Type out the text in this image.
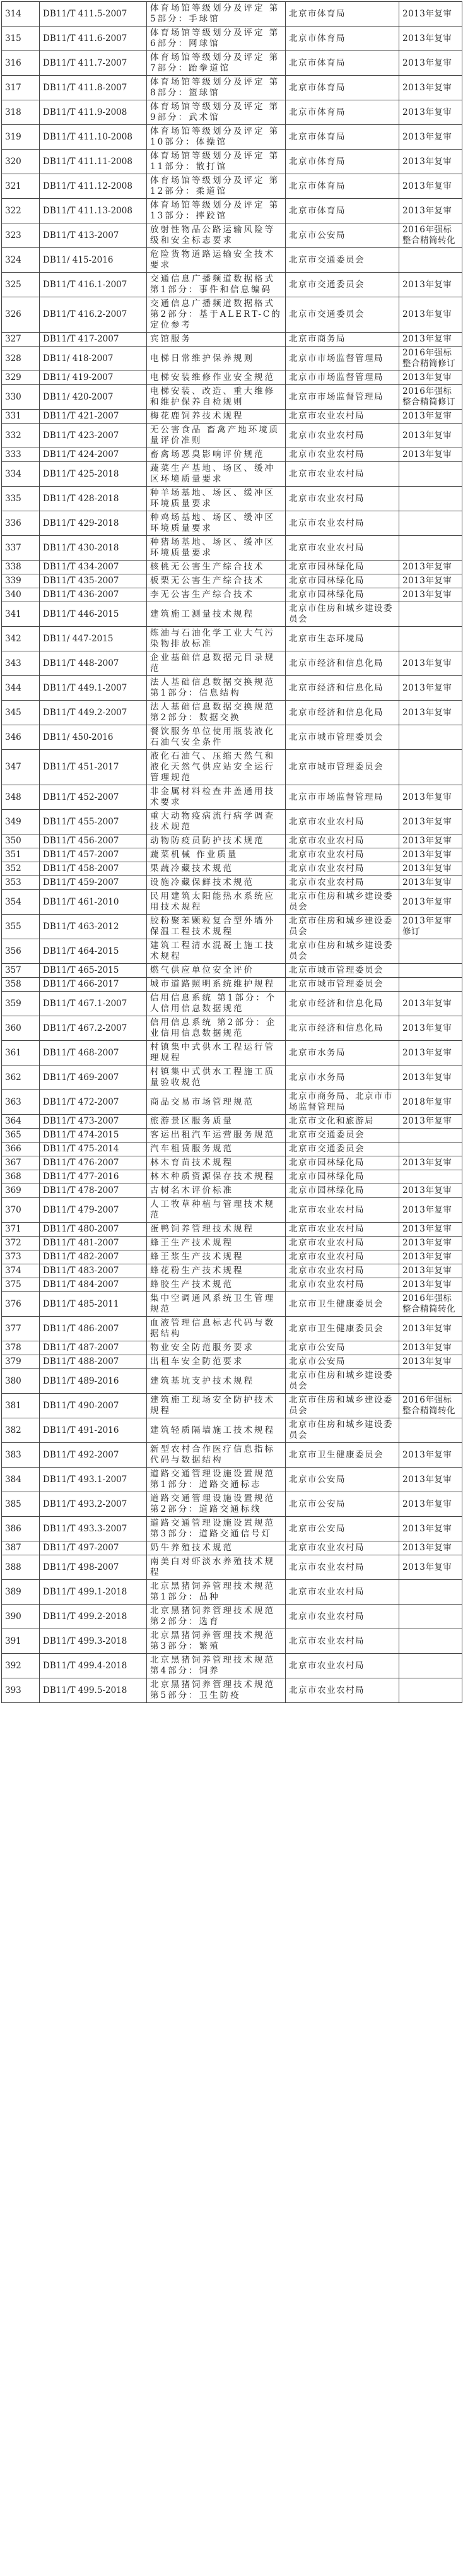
314	DB11/T 411.5-2007	体育场馆等级划分及评定 第5部分：手球馆	北京市体育局	2013年复审
315	DB11/T 411.6-2007	体育场馆等级划分及评定 第6部分：网球馆	北京市体育局	2013年复审
316	DB11/T 411.7-2007	体育场馆等级划分及评定 第7部分：跆拳道馆	北京市体育局	2013年复审
317	DB11/T 411.8-2007	体育场馆等级划分及评定 第8部分：篮球馆	北京市体育局	2013年复审
318	DB11/T 411.9-2008	体育场馆等级划分及评定 第9部分：武术馆	北京市体育局	2013年复审
319	DB11/T 411.10-2008	体育场馆等级划分及评定 第10部分：体操馆	北京市体育局	2013年复审
320	DB11/T 411.11-2008	体育场馆等级划分及评定 第11部分：散打馆	北京市体育局	2013年复审
321	DB11/T 411.12-2008	体育场馆等级划分及评定 第12部分：柔道馆	北京市体育局	2013年复审
322	DB11/T 411.13-2008	体育场馆等级划分及评定 第13部分：摔跤馆	北京市体育局	2013年复审
323	DB11/T 413-2007	放射性物品公路运输风险等级和安全标志要求	北京市公安局	2016年强标整合精简转化
324	DB11/ 415-2016	危险货物道路运输安全技术要求	北京市交通委员会	
325	DB11/T 416.1-2007	交通信息广播频道数据格式 第1部分：事件和信息编码	北京市交通委员会	2013年复审
326	DB11/T 416.2-2007	交通信息广播频道数据格式 第2部分：基于ALERT-C的定位参考	北京市交通委员会	2013年复审
327	DB11/T 417-2007	宾馆服务	北京市商务局	2013年复审
328	DB11/ 418-2007	电梯日常维护保养规则	北京市市场监督管理局	2016年强标整合精简修订
329	DB11/ 419-2007	电梯安装维修作业安全规范	北京市市场监督管理局	2013年复审
330	DB11/ 420-2007	电梯安装、改造、重大维修和维护保养自检规则	北京市市场监督管理局	2016年强标整合精简修订
331	DB11/T 421-2007	梅花鹿饲养技术规程	北京市农业农村局	2013年复审
332	DB11/T 423-2007	无公害食品 畜禽产地环境质量评价准则	北京市农业农村局	2013年复审
333	DB11/T 424-2007	畜禽场恶臭影响评价规范	北京市农业农村局	2013年复审
334	DB11/T 425-2018	蔬菜生产基地、场区、缓冲区环境质量要求	北京市农业农村局	
335	DB11/T 428-2018	种羊场基地、场区、缓冲区环境质量要求	北京市农业农村局	
336	DB11/T 429-2018	种鸡场基地、场区、缓冲区环境质量要求	北京市农业农村局	
337	DB11/T 430-2018	种猪场基地、场区、缓冲区环境质量要求	北京市农业农村局	
338	DB11/T 434-2007	核桃无公害生产综合技术	北京市园林绿化局	2013年复审
339	DB11/T 435-2007	板栗无公害生产综合技术	北京市园林绿化局	2013年复审
340	DB11/T 436-2007	李无公害生产综合技术	北京市园林绿化局	2013年复审
341	DB11/T 446-2015	建筑施工测量技术规程	北京市住房和城乡建设委员会	
342	DB11/ 447-2015	炼油与石油化学工业大气污染物排放标准	北京市生态环境局	
343	DB11/T 448-2007	企业基础信息数据元目录规范	北京市经济和信息化局	2013年复审
344	DB11/T 449.1-2007	法人基础信息数据交换规范 第1部分：信息结构	北京市经济和信息化局	2013年复审
345	DB11/T 449.2-2007	法人基础信息数据交换规范 第2部分：数据交换	北京市经济和信息化局	2013年复审
346	DB11/ 450-2016	餐饮服务单位使用瓶装液化石油气安全条件	北京市城市管理委员会	
347	DB11/T 451-2017	液化石油气、压缩天然气和液化天然气供应站安全运行管理规范	北京市城市管理委员会	
348	DB11/T 452-2007	非金属材料检查井盖通用技术要求	北京市市场监督管理局	2013年复审
349	DB11/T 455-2007	重大动物疫病流行病学调查技术规范	北京市农业农村局	2013年复审
350	DB11/T 456-2007	动物防疫员防护技术规范	北京市农业农村局	2013年复审
351	DB11/T 457-2007	蔬菜机械 作业质量	北京市农业农村局	2013年复审
352	DB11/T 458-2007	果蔬冷藏技术规范	北京市农业农村局	2013年复审
353	DB11/T 459-2007	设施冷藏保鲜技术规范	北京市农业农村局	2013年复审
354	DB11/T 461-2010	民用建筑太阳能热水系统应用技术规程	北京市住房和城乡建设委员会	2013年复审
355	DB11/T 463-2012	胶粉聚苯颗粒复合型外墙外保温工程技术规程	北京市住房和城乡建设委员会	2013年复审修订
356	DB11/T 464-2015	建筑工程清水混凝土施工技术规程	北京市住房和城乡建设委员会	
357	DB11/T 465-2015	燃气供应单位安全评价	北京市城市管理委员会	
358	DB11/T 466-2017	城市道路照明系统维护规程	北京市城市管理委员会	
359	DB11/T 467.1-2007	信用信息系统 第1部分：个人信用信息数据规范	北京市经济和信息化局	2013年复审
360	DB11/T 467.2-2007	信用信息系统 第2部分：企业信用信息数据规范	北京市经济和信息化局	2013年复审
361	DB11/T 468-2007	村镇集中式供水工程运行管理规程	北京市水务局	2013年复审
362	DB11/T 469-2007	村镇集中式供水工程施工质量验收规范	北京市水务局	2013年复审
363	DB11/T 472-2007	商品交易市场管理规范	北京市商务局、北京市市场监督管理局	2018年复审
364	DB11/T 473-2007	旅游景区服务质量	北京市文化和旅游局	2013年复审
365	DB11/T 474-2015	客运出租汽车运营服务规范	北京市交通委员会	
366	DB11/T 475-2014	汽车租赁服务规范	北京市交通委员会	
367	DB11/T 476-2007	林木育苗技术规程	北京市园林绿化局	2013年复审
368	DB11/T 477-2016	林木种质资源保存技术规程	北京市园林绿化局	
369	DB11/T 478-2007	古树名木评价标准	北京市园林绿化局	2013年复审
370	DB11/T 479-2007	人工牧草种植与管理技术规范	北京市农业农村局	2013年复审
371	DB11/T 480-2007	蛋鸭饲养管理技术规程	北京市农业农村局	2013年复审
372	DB11/T 481-2007	蜂王生产技术规程	北京市农业农村局	2013年复审
373	DB11/T 482-2007	蜂王浆生产技术规程	北京市农业农村局	2013年复审
374	DB11/T 483-2007	蜂花粉生产技术规程	北京市农业农村局	2013年复审
375	DB11/T 484-2007	蜂胶生产技术规范	北京市农业农村局	2013年复审
376	DB11/T 485-2011	集中空调通风系统卫生管理规范	北京市卫生健康委员会	2016年强标整合精简转化
377	DB11/T 486-2007	血液管理信息标志代码与数据结构	北京市卫生健康委员会	2013年复审
378	DB11/T 487-2007	物业安全防范服务要求	北京市公安局	2013年复审
379	DB11/T 488-2007	出租车安全防范要求	北京市公安局	2013年复审
380	DB11/T 489-2016	建筑基坑支护技术规程	北京市住房和城乡建设委员会	
381	DB11/T 490-2007	建筑施工现场安全防护技术规程	北京市住房和城乡建设委员会	2016年强标整合精简转化
382	DB11/T 491-2016	建筑轻质隔墙施工技术规程	北京市住房和城乡建设委员会	
383	DB11/T 492-2007	新型农村合作医疗信息指标代码与数据结构	北京市卫生健康委员会	2013年复审
384	DB11/T 493.1-2007	道路交通管理设施设置规范 第1部分：道路交通标志	北京市公安局	2013年复审
385	DB11/T 493.2-2007	道路交通管理设施设置规范 第2部分：道路交通标线	北京市公安局	2013年复审
386	DB11/T 493.3-2007	道路交通管理设施设置规范 第3部分：道路交通信号灯	北京市公安局	2013年复审
387	DB11/T 497-2007	奶牛养殖技术规范	北京市农业农村局	2013年复审
388	DB11/T 498-2007	南美白对虾淡水养殖技术规程	北京市农业农村局	2013年复审
389	DB11/T 499.1-2018	北京黑猪饲养管理技术规范 第1部分：品种	北京市农业农村局	
390	DB11/T 499.2-2018	北京黑猪饲养管理技术规范 第2部分：选育	北京市农业农村局	
391	DB11/T 499.3-2018	北京黑猪饲养管理技术规范 第3部分：繁殖	北京市农业农村局	
392	DB11/T 499.4-2018	北京黑猪饲养管理技术规范 第4部分：饲养	北京市农业农村局	
393	DB11/T 499.5-2018	北京黑猪饲养管理技术规范 第5部分：卫生防疫	北京市农业农村局	
